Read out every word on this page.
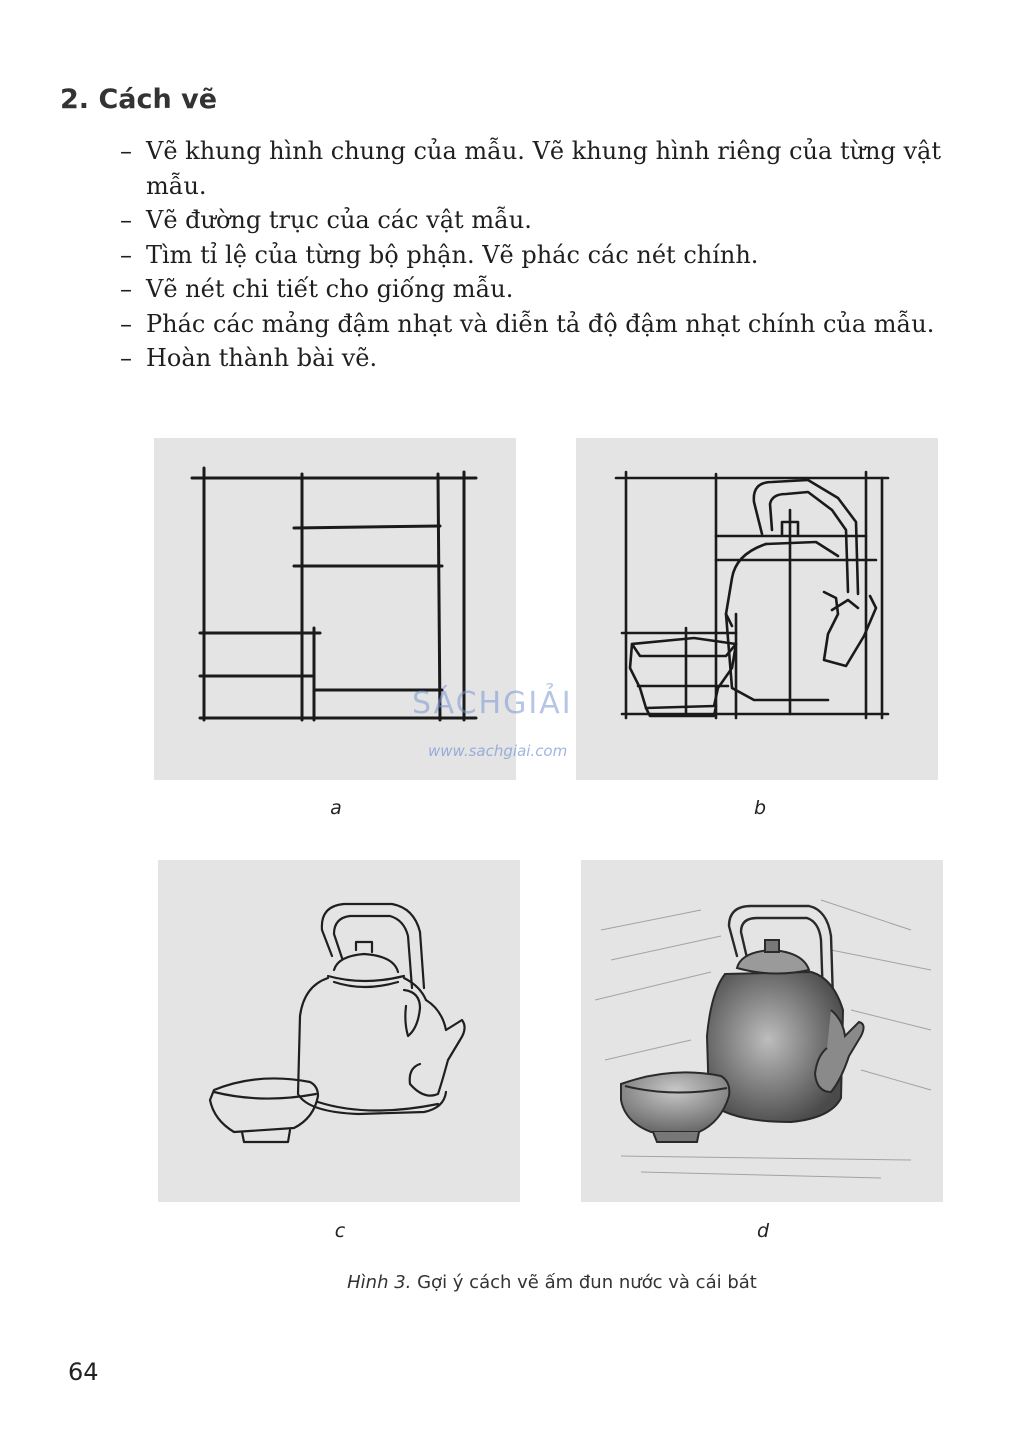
2. Cách vẽ
– Vẽ khung hình chung của mẫu. Vẽ khung hình riêng của từng vật mẫu.
– Vẽ đường trục của các vật mẫu.
– Tìm tỉ lệ của từng bộ phận. Vẽ phác các nét chính.
– Vẽ nét chi tiết cho giống mẫu.
– Phác các mảng đậm nhạt và diễn tả độ đậm nhạt chính của mẫu.
– Hoàn thành bài vẽ.
a	b
c	d
SÁCHGIẢI
www.sachgiai.com
Hình 3. Gợi ý cách vẽ ấm đun nước và cái bát
64
